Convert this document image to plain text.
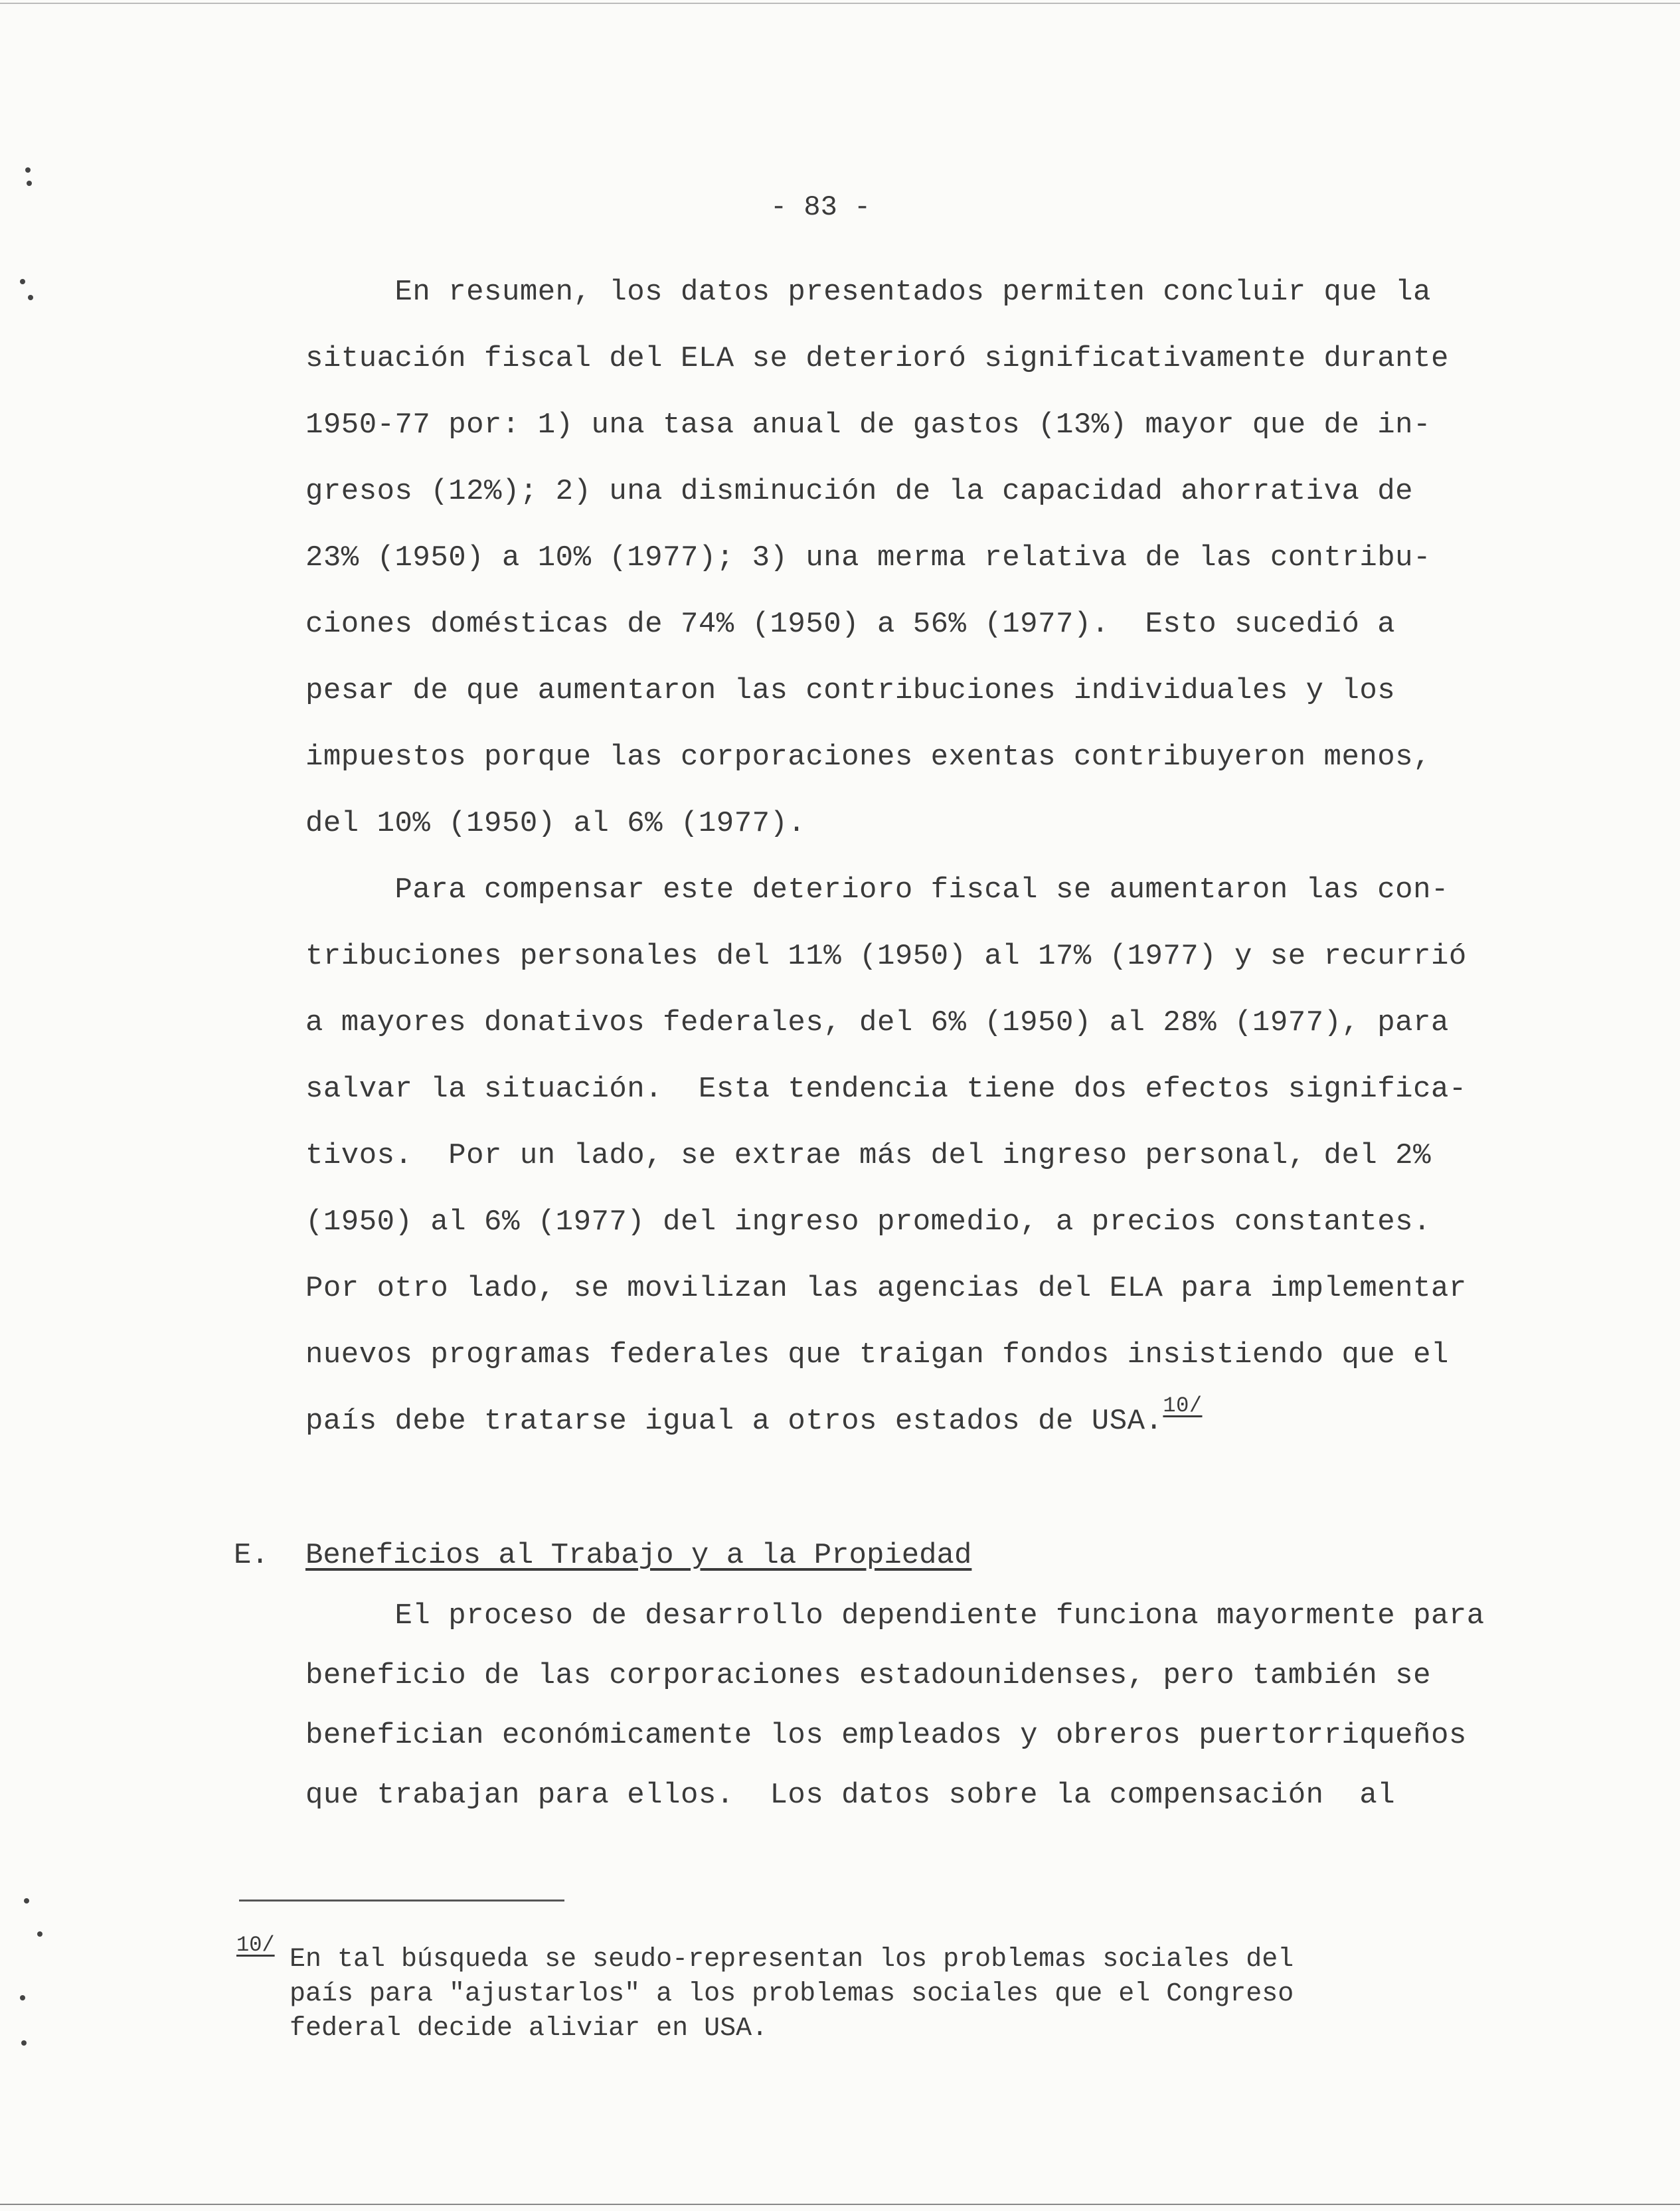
- 83 -
En resumen, los datos presentados permiten concluir que la
situación fiscal del ELA se deterioró significativamente durante
1950-77 por: 1) una tasa anual de gastos (13%) mayor que de in-
gresos (12%); 2) una disminución de la capacidad ahorrativa de
23% (1950) a 10% (1977); 3) una merma relativa de las contribu-
ciones domésticas de 74% (1950) a 56% (1977).  Esto sucedió a
pesar de que aumentaron las contribuciones individuales y los
impuestos porque las corporaciones exentas contribuyeron menos,
del 10% (1950) al 6% (1977).
Para compensar este deterioro fiscal se aumentaron las con-
tribuciones personales del 11% (1950) al 17% (1977) y se recurrió
a mayores donativos federales, del 6% (1950) al 28% (1977), para
salvar la situación.  Esta tendencia tiene dos efectos significa-
tivos.  Por un lado, se extrae más del ingreso personal, del 2%
(1950) al 6% (1977) del ingreso promedio, a precios constantes.
Por otro lado, se movilizan las agencias del ELA para implementar
nuevos programas federales que traigan fondos insistiendo que el
país debe tratarse igual a otros estados de USA.$^{10/}$
E. Beneficios al Trabajo y a la Propiedad
El proceso de desarrollo dependiente funciona mayormente para
beneficio de las corporaciones estadounidenses, pero también se
benefician económicamente los empleados y obreros puertorriqueños
que trabajan para ellos.  Los datos sobre la compensación  al
10/ En tal búsqueda se seudo-representan los problemas sociales del
país para "ajustarlos" a los problemas sociales que el Congreso
federal decide aliviar en USA.
